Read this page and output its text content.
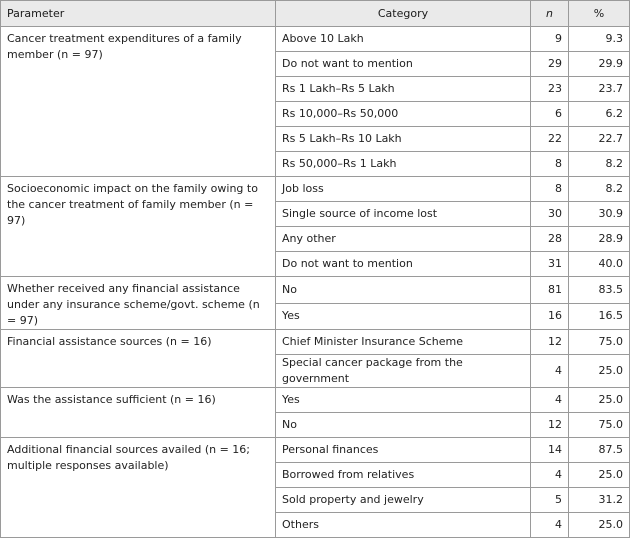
Parameter	Category	n	%
Cancer treatment expenditures of a family member (n = 97)	Above 10 Lakh	9	9.3
	Do not want to mention	29	29.9
	Rs 1 Lakh–Rs 5 Lakh	23	23.7
	Rs 10,000–Rs 50,000	6	6.2
	Rs 5 Lakh–Rs 10 Lakh	22	22.7
	Rs 50,000–Rs 1 Lakh	8	8.2
Socioeconomic impact on the family owing to the cancer treatment of family member (n = 97)	Job loss	8	8.2
	Single source of income lost	30	30.9
	Any other	28	28.9
	Do not want to mention	31	40.0
Whether received any financial assistance under any insurance scheme/govt. scheme (n = 97)	No	81	83.5
	Yes	16	16.5
Financial assistance sources (n = 16)	Chief Minister Insurance Scheme	12	75.0
	Special cancer package from the government	4	25.0
Was the assistance sufficient (n = 16)	Yes	4	25.0
	No	12	75.0
Additional financial sources availed (n = 16; multiple responses available)	Personal finances	14	87.5
	Borrowed from relatives	4	25.0
	Sold property and jewelry	5	31.2
	Others	4	25.0
